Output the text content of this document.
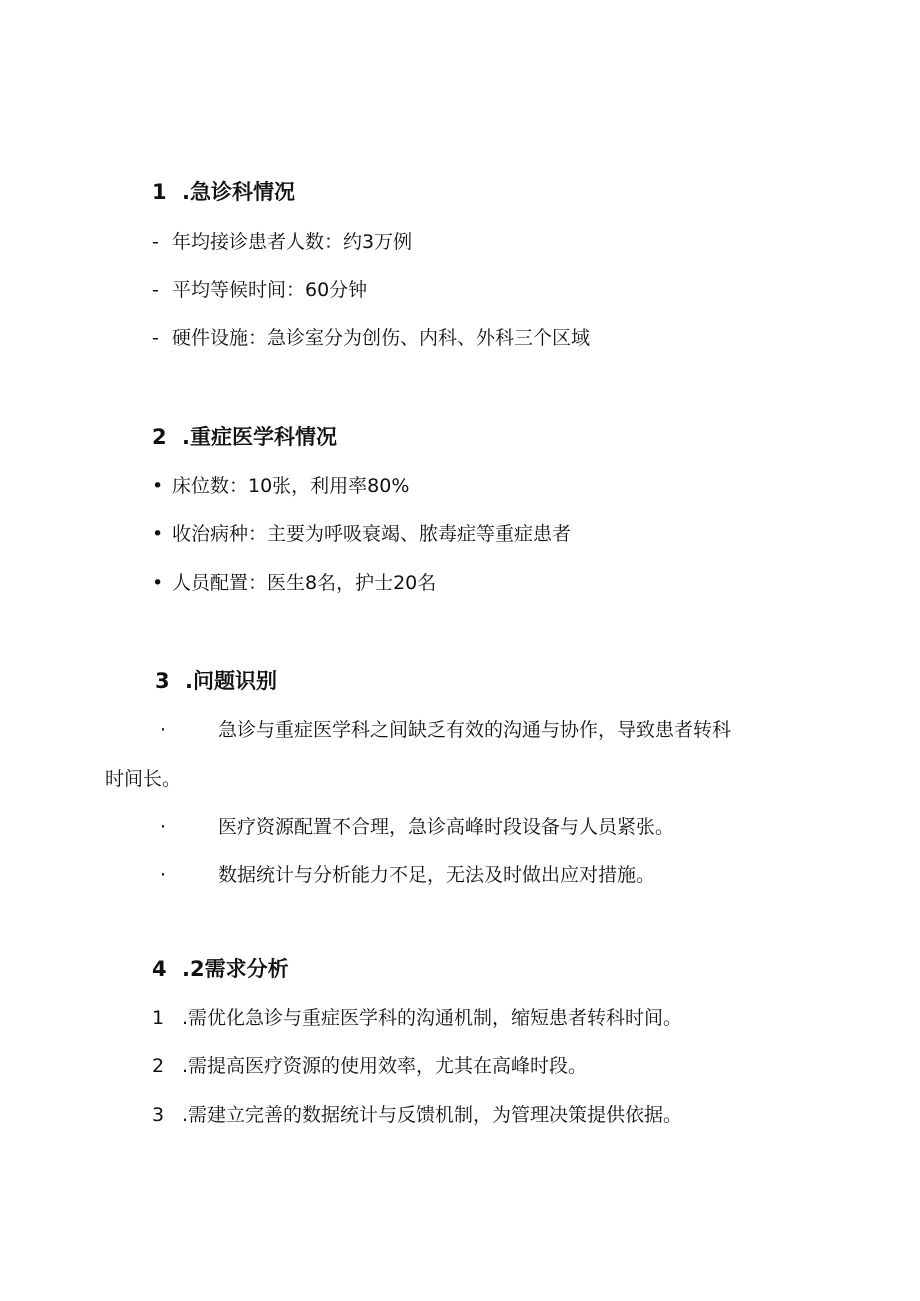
1 .急诊科情况
- 年均接诊患者人数：约3万例
- 平均等候时间：60分钟
- 硬件设施：急诊室分为创伤、内科、外科三个区域
2 .重症医学科情况
• 床位数：10张，利用率80%
• 收治病种：主要为呼吸衰竭、脓毒症等重症患者
• 人员配置：医生8名，护士20名
3 .问题识别
·	急诊与重症医学科之间缺乏有效的沟通与协作，导致患者转科
时间长。
·	医疗资源配置不合理，急诊高峰时段设备与人员紧张。
·	数据统计与分析能力不足，无法及时做出应对措施。
4 .2需求分析
1 .需优化急诊与重症医学科的沟通机制，缩短患者转科时间。
2 .需提高医疗资源的使用效率，尤其在高峰时段。
3 .需建立完善的数据统计与反馈机制，为管理决策提供依据。
